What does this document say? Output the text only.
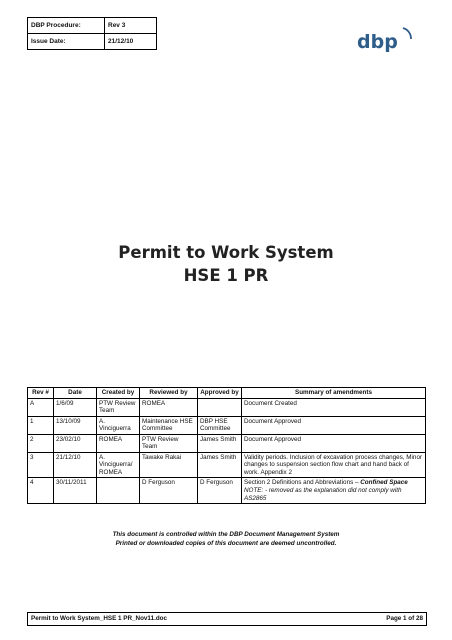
DBP Procedure:	Rev 3
Issue Date:	21/12/10	dbp
Permit to Work System
HSE 1 PR
Rev #	Date	Created by	Reviewed by	Approved by	Summary of amendments
A	1/6/09	PTW Review Team	ROMEA		Document Created
1	13/10/09	A. Vinciguerra	Maintenance HSE Committee	DBP HSE Committee	Document Approved
2	23/02/10	ROMEA	PTW Review Team	James Smith	Document Approved
3	21/12/10	A. Vinciguerra/ ROMEA	Tawake Rakai	James Smith	Validity periods. Inclusion of excavation process changes, Minor changes to suspension section flow chart and hand back of work. Appendix 2
4	30/11/2011		D Ferguson	D Ferguson	Section 2 Definitions and Abbreviations – Confined Space NOTE: - removed as the explanation did not comply with AS2865
This document is controlled within the DBP Document Management System
Printed or downloaded copies of this document are deemed uncontrolled.
Permit to Work System_HSE 1 PR_Nov11.doc	Page 1 of 28
